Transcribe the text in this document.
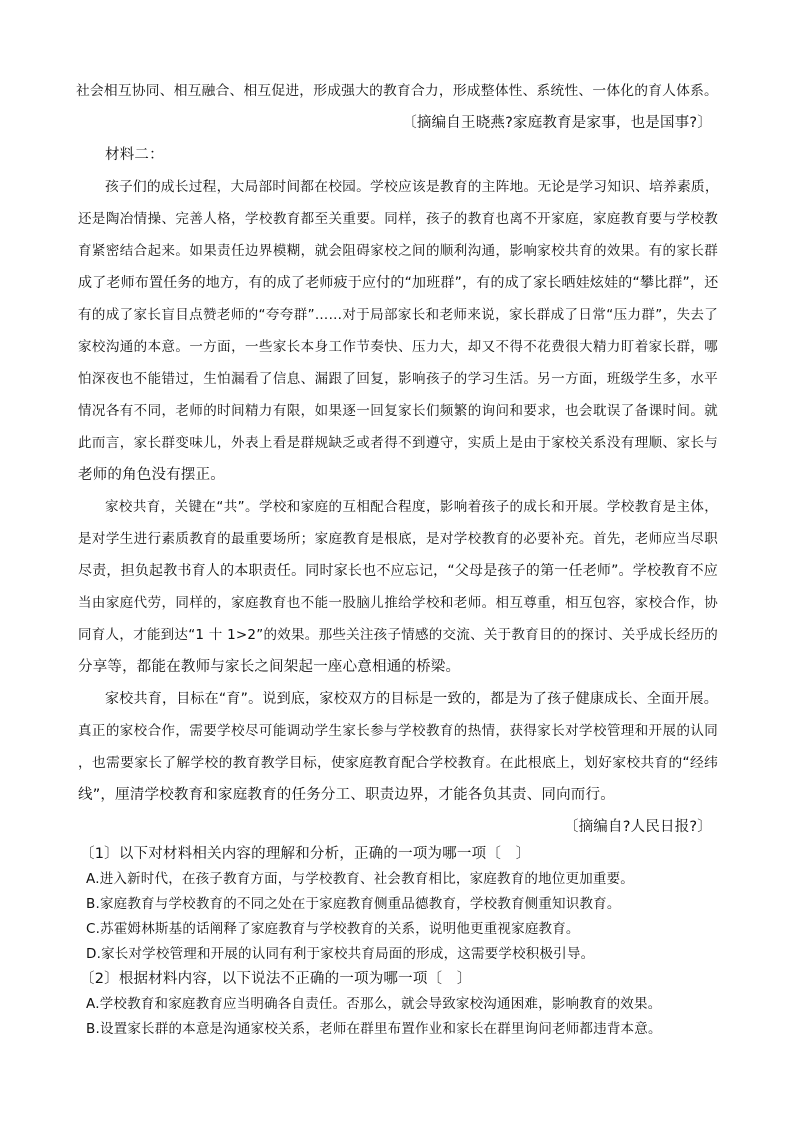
社会相互协同、相互融合、相互促进，形成强大的教育合力，形成整体性、系统性、一体化的育人体系。
〔摘编自王晓燕?家庭教育是家事，也是国事?〕
材料二：
孩子们的成长过程，大局部时间都在校园。学校应该是教育的主阵地。无论是学习知识、培养素质，
还是陶冶情操、完善人格，学校教育都至关重要。同样，孩子的教育也离不开家庭，家庭教育要与学校教
育紧密结合起来。如果责任边界模糊，就会阻碍家校之间的顺利沟通，影响家校共育的效果。有的家长群
成了老师布置任务的地方，有的成了老师疲于应付的“加班群”，有的成了家长晒娃炫娃的“攀比群”，还
有的成了家长盲目点赞老师的“夸夸群”……对于局部家长和老师来说，家长群成了日常“压力群”，失去了
家校沟通的本意。一方面，一些家长本身工作节奏快、压力大，却又不得不花费很大精力盯着家长群，哪
怕深夜也不能错过，生怕漏看了信息、漏跟了回复，影响孩子的学习生活。另一方面，班级学生多，水平
情况各有不同，老师的时间精力有限，如果逐一回复家长们频繁的询问和要求，也会耽误了备课时间。就
此而言，家长群变味儿，外表上看是群规缺乏或者得不到遵守，实质上是由于家校关系没有理顺、家长与
老师的角色没有摆正。
家校共育，关键在“共”。学校和家庭的互相配合程度，影响着孩子的成长和开展。学校教育是主体，
是对学生进行素质教育的最重要场所；家庭教育是根底，是对学校教育的必要补充。首先，老师应当尽职
尽责，担负起教书育人的本职责任。同时家长也不应忘记，“父母是孩子的第一任老师”。学校教育不应
当由家庭代劳，同样的，家庭教育也不能一股脑儿推给学校和老师。相互尊重，相互包容，家校合作，协
同育人，才能到达“1 十 1>2”的效果。那些关注孩子情感的交流、关于教育目的的探讨、关乎成长经历的
分享等，都能在教师与家长之间架起一座心意相通的桥梁。
家校共育，目标在“育”。说到底，家校双方的目标是一致的，都是为了孩子健康成长、全面开展。
真正的家校合作，需要学校尽可能调动学生家长参与学校教育的热情，获得家长对学校管理和开展的认同
，也需要家长了解学校的教育教学目标，使家庭教育配合学校教育。在此根底上，划好家校共育的“经纬
线”，厘清学校教育和家庭教育的任务分工、职责边界，才能各负其责、同向而行。
〔摘编自?人民日报?〕
〔1〕以下对材料相关内容的理解和分析，正确的一项为哪一项〔　〕
A.进入新时代，在孩子教育方面，与学校教育、社会教育相比，家庭教育的地位更加重要。
B.家庭教育与学校教育的不同之处在于家庭教育侧重品德教育，学校教育侧重知识教育。
C.苏霍姆林斯基的话阐释了家庭教育与学校教育的关系，说明他更重视家庭教育。
D.家长对学校管理和开展的认同有利于家校共育局面的形成，这需要学校积极引导。
〔2〕根据材料内容，以下说法不正确的一项为哪一项〔　〕
A.学校教育和家庭教育应当明确各自责任。否那么，就会导致家校沟通困难，影响教育的效果。
B.设置家长群的本意是沟通家校关系，老师在群里布置作业和家长在群里询问老师都违背本意。
